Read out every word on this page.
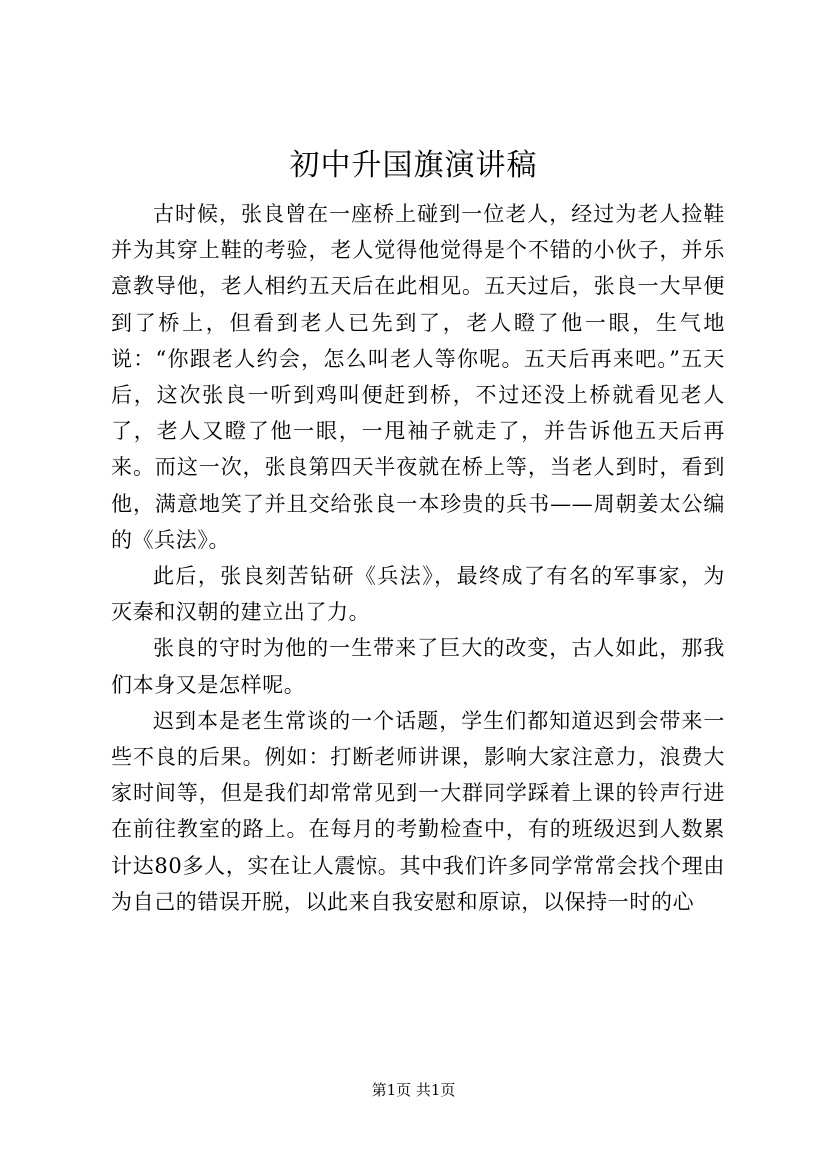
初中升国旗演讲稿

古时候，张良曾在一座桥上碰到一位老人，经过为老人捡鞋并为其穿上鞋的考验，老人觉得他觉得是个不错的小伙子，并乐意教导他，老人相约五天后在此相见。五天过后，张良一大早便到了桥上，但看到老人已先到了，老人瞪了他一眼，生气地说：“你跟老人约会，怎么叫老人等你呢。五天后再来吧。”五天后，这次张良一听到鸡叫便赶到桥，不过还没上桥就看见老人了，老人又瞪了他一眼，一甩袖子就走了，并告诉他五天后再来。而这一次，张良第四天半夜就在桥上等，当老人到时，看到他，满意地笑了并且交给张良一本珍贵的兵书——周朝姜太公编的《兵法》。

此后，张良刻苦钻研《兵法》，最终成了有名的军事家，为灭秦和汉朝的建立出了力。

张良的守时为他的一生带来了巨大的改变，古人如此，那我们本身又是怎样呢。

迟到本是老生常谈的一个话题，学生们都知道迟到会带来一些不良的后果。例如：打断老师讲课，影响大家注意力，浪费大家时间等，但是我们却常常见到一大群同学踩着上课的铃声行进在前往教室的路上。在每月的考勤检查中，有的班级迟到人数累计达80多人，实在让人震惊。其中我们许多同学常常会找个理由为自己的错误开脱，以此来自我安慰和原谅，以保持一时的心

第1页 共1页
